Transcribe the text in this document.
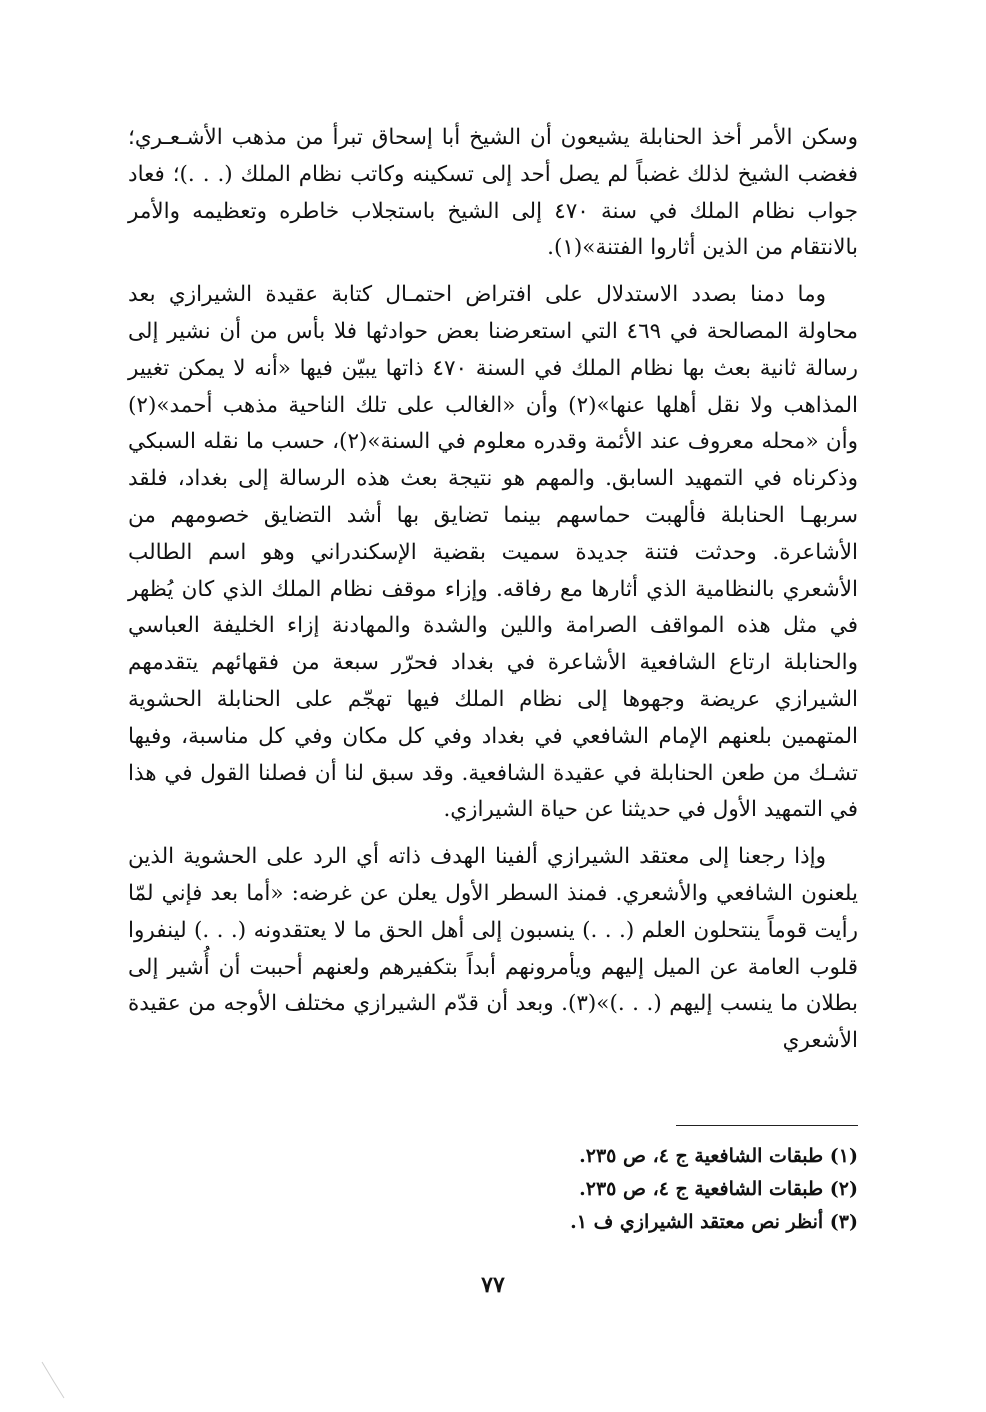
وسكن الأمر أخذ الحنابلة يشيعون أن الشيخ أبا إسحاق تبرأ من مذهب الأشـعـري؛ فغضب الشيخ لذلك غضباً لم يصل أحد إلى تسكينه وكاتب نظام الملك (. . .)؛ فعاد جواب نظام الملك في سنة ٤٧٠ إلى الشيخ باستجلاب خاطره وتعظيمه والأمر بالانتقام من الذين أثاروا الفتنة»(١).

وما دمنا بصدد الاستدلال على افتراض احتمـال كتابة عقيدة الشيرازي بعد محاولة المصالحة في ٤٦٩ التي استعرضنا بعض حوادثها فلا بأس من أن نشير إلى رسالة ثانية بعث بها نظام الملك في السنة ٤٧٠ ذاتها يبيّن فيها «أنه لا يمكن تغيير المذاهب ولا نقل أهلها عنها»(٢) وأن «الغالب على تلك الناحية مذهب أحمد»(٢) وأن «محله معروف عند الأئمة وقدره معلوم في السنة»(٢)، حسب ما نقله السبكي وذكرناه في التمهيد السابق. والمهم هو نتيجة بعث هذه الرسالة إلى بغداد، فلقد سربهـا الحنابلة فألهبت حماسهم بينما تضايق بها أشد التضايق خصومهم من الأشاعرة. وحدثت فتنة جديدة سميت بقضية الإسكندراني وهو اسم الطالب الأشعري بالنظامية الذي أثارها مع رفاقه. وإزاء موقف نظام الملك الذي كان يُظهر في مثل هذه المواقف الصرامة واللين والشدة والمهادنة إزاء الخليفة العباسي والحنابلة ارتاع الشافعية الأشاعرة في بغداد فحرّر سبعة من فقهائهم يتقدمهم الشيرازي عريضة وجهوها إلى نظام الملك فيها تهجّم على الحنابلة الحشوية المتهمين بلعنهم الإمام الشافعي في بغداد وفي كل مكان وفي كل مناسبة، وفيها تشـك من طعن الحنابلة في عقيدة الشافعية. وقد سبق لنا أن فصلنا القول في هذا في التمهيد الأول في حديثنا عن حياة الشيرازي.

وإذا رجعنا إلى معتقد الشيرازي ألفينا الهدف ذاته أي الرد على الحشوية الذين يلعنون الشافعي والأشعري. فمنذ السطر الأول يعلن عن غرضه: «أما بعد فإني لمّا رأيت قوماً ينتحلون العلم (. . .) ينسبون إلى أهل الحق ما لا يعتقدونه (. . .) لينفروا قلوب العامة عن الميل إليهم ويأمرونهم أبداً بتكفيرهم ولعنهم أحببت أن أُشير إلى بطلان ما ينسب إليهم (. . .)»(٣). وبعد أن قدّم الشيرازي مختلف الأوجه من عقيدة الأشعري

(١) طبقات الشافعية ج ٤، ص ٢٣٥.

(٢) طبقات الشافعية ج ٤، ص ٢٣٥.

(٣) أنظر نص معتقد الشيرازي ف ١.

٧٧
